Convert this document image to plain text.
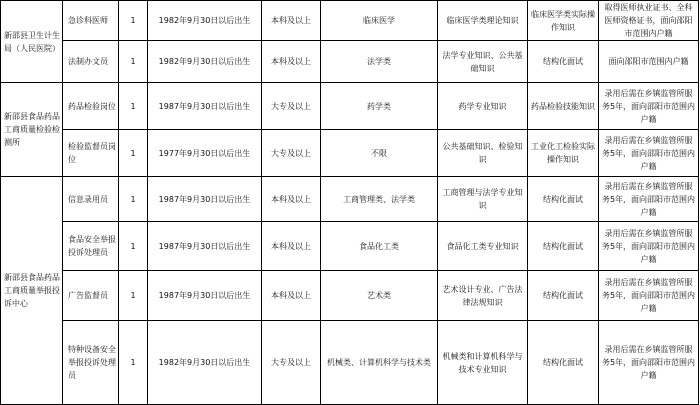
新邵县卫生计生局（人民医院）	急诊科医师	1	1982年9月30日以后出生	本科及以上	临床医学	临床医学类理论知识	临床医学类实际操作知识	取得医师执业证书、全科医师资格证书，面向邵阳市范围内户籍
	法制办文员	1	1982年9月30日以后出生	本科及以上	法学类	法学专业知识、公共基础知识	结构化面试	面向邵阳市范围内户籍
新邵县食品药品工商质量检验检测所	药品检验岗位	1	1987年9月30日以后出生	大专及以上	药学类	药学专业知识	药品检验技能知识	录用后需在乡镇监管所服务5年，面向邵阳市范围内户籍
	检验监督员岗位	1	1977年9月30日以后出生	大专及以上	不限	公共基础知识、检验知识	工业化工检验实际操作知识	录用后需在乡镇监管所服务5年，面向邵阳市范围内户籍
新邵县食品药品工商质量举报投诉中心	信息录用员	1	1987年9月30日以后出生	本科及以上	工商管理类、法学类	工商管理与法学专业知识	结构化面试	录用后需在乡镇监管所服务5年，面向邵阳市范围内户籍
	食品安全举报投诉处理员	1	1987年9月30日以后出生	本科及以上	食品化工类	食品化工类专业知识	结构化面试	录用后需在乡镇监管所服务5年，面向邵阳市范围内户籍
	广告监督员	1	1987年9月30日以后出生	本科及以上	艺术类	艺术设计专业、广告法律法规知识	结构化面试	录用后需在乡镇监管所服务5年，面向邵阳市范围内户籍
	特种设备安全举报投诉处理员	1	1982年9月30日以后出生	大专及以上	机械类、计算机科学与技术类	机械类和计算机科学与技术专业知识	结构化面试	录用后需在乡镇监管所服务5年，面向邵阳市范围内户籍
